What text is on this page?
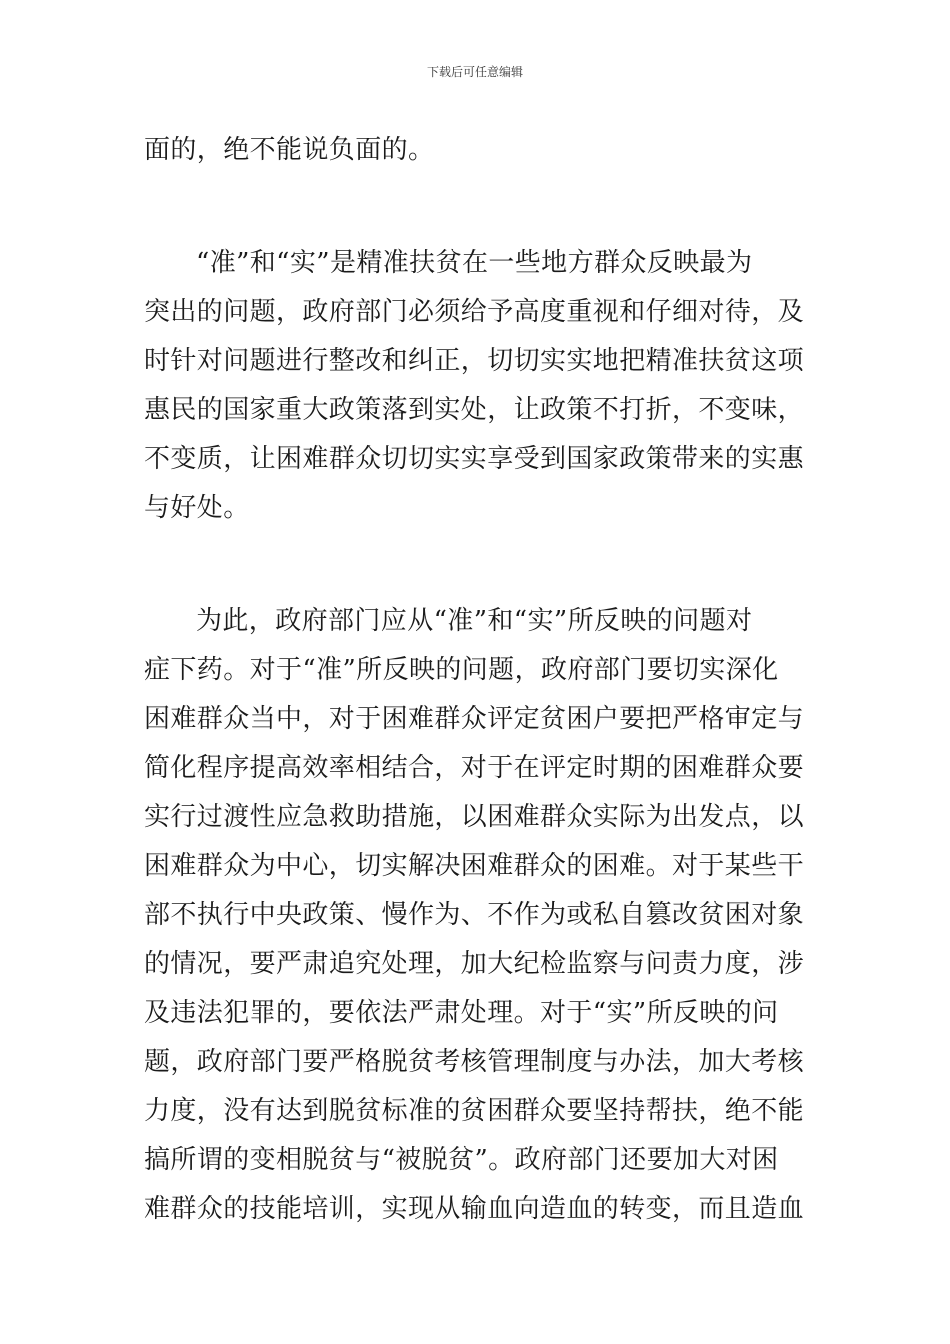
下载后可任意编辑
面的，绝不能说负面的。
“准”和“实”是精准扶贫在一些地方群众反映最为
突出的问题，政府部门必须给予高度重视和仔细对待，及
时针对问题进行整改和纠正，切切实实地把精准扶贫这项
惠民的国家重大政策落到实处，让政策不打折，不变味，
不变质，让困难群众切切实实享受到国家政策带来的实惠
与好处。
为此，政府部门应从“准”和“实”所反映的问题对
症下药。对于“准”所反映的问题，政府部门要切实深化
困难群众当中，对于困难群众评定贫困户要把严格审定与
简化程序提高效率相结合，对于在评定时期的困难群众要
实行过渡性应急救助措施，以困难群众实际为出发点，以
困难群众为中心，切实解决困难群众的困难。对于某些干
部不执行中央政策、慢作为、不作为或私自篡改贫困对象
的情况，要严肃追究处理，加大纪检监察与问责力度，涉
及违法犯罪的，要依法严肃处理。对于“实”所反映的问
题，政府部门要严格脱贫考核管理制度与办法，加大考核
力度，没有达到脱贫标准的贫困群众要坚持帮扶，绝不能
搞所谓的变相脱贫与“被脱贫”。政府部门还要加大对困
难群众的技能培训，实现从输血向造血的转变，而且造血
